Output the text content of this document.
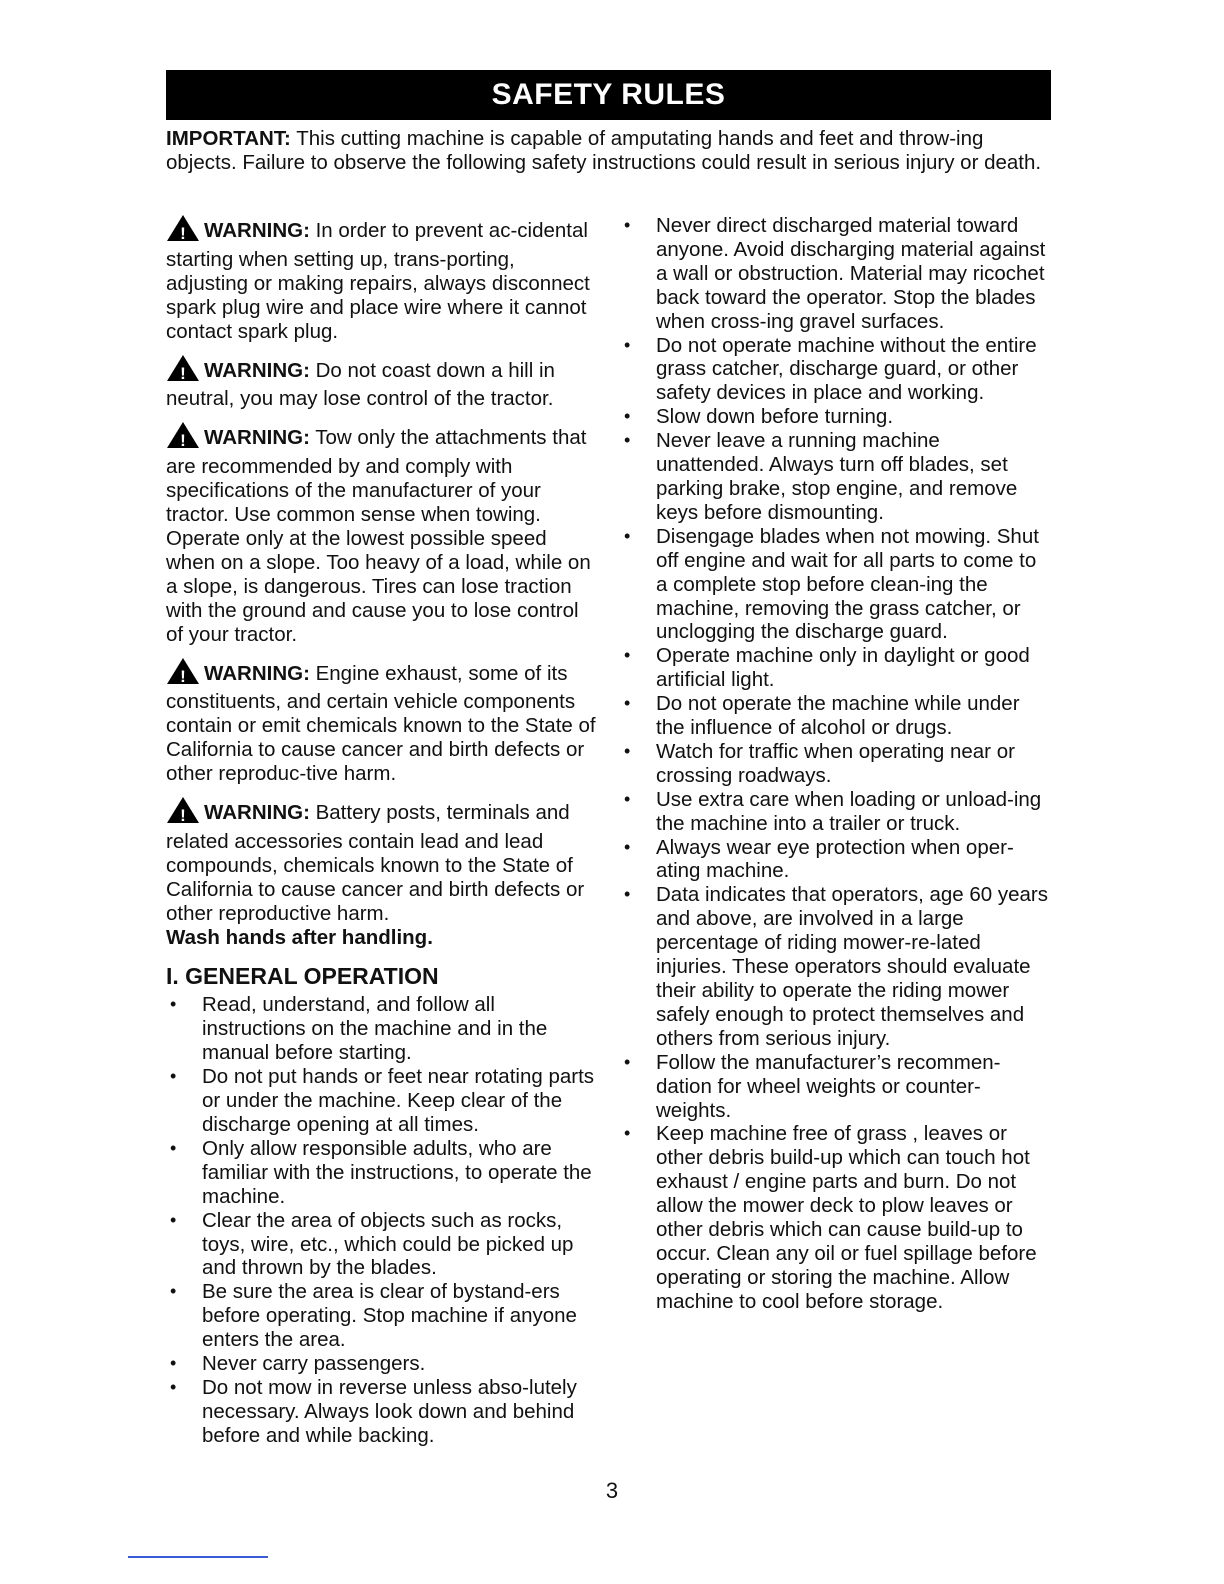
SAFETY RULES

IMPORTANT: This cutting machine is capable of amputating hands and feet and throw-ing objects. Failure to observe the following safety instructions could result in serious injury or death.

! WARNING: In order to prevent ac-cidental starting when setting up, trans-porting, adjusting or making repairs, always disconnect spark plug wire and place wire where it cannot contact spark plug.

! WARNING: Do not coast down a hill in neutral, you may lose control of the tractor.

! WARNING: Tow only the attachments that are recommended by and comply with specifications of the manufacturer of your tractor. Use common sense when towing. Operate only at the lowest possible speed when on a slope. Too heavy of a load, while on a slope, is dangerous. Tires can lose traction with the ground and cause you to lose control of your tractor.

! WARNING: Engine exhaust, some of its constituents, and certain vehicle components contain or emit chemicals known to the State of California to cause cancer and birth defects or other reproduc-tive harm.

! WARNING: Battery posts, terminals and related accessories contain lead and lead compounds, chemicals known to the State of California to cause cancer and birth defects or other reproductive harm.
Wash hands after handling.

I. GENERAL OPERATION
• Read, understand, and follow all instructions on the machine and in the manual before starting.
• Do not put hands or feet near rotating parts or under the machine. Keep clear of the discharge opening at all times.
• Only allow responsible adults, who are familiar with the instructions, to operate the machine.
• Clear the area of objects such as rocks, toys, wire, etc., which could be picked up and thrown by the blades.
• Be sure the area is clear of bystand-ers before operating. Stop machine if anyone enters the area.
• Never carry passengers.
• Do not mow in reverse unless abso-lutely necessary. Always look down and behind before and while backing.
• Never direct discharged material toward anyone. Avoid discharging material against a wall or obstruction. Material may ricochet back toward the operator. Stop the blades when cross-ing gravel surfaces.
• Do not operate machine without the entire grass catcher, discharge guard, or other safety devices in place and working.
• Slow down before turning.
• Never leave a running machine unattended. Always turn off blades, set parking brake, stop engine, and remove keys before dismounting.
• Disengage blades when not mowing. Shut off engine and wait for all parts to come to a complete stop before clean-ing the machine, removing the grass catcher, or unclogging the discharge guard.
• Operate machine only in daylight or good artificial light.
• Do not operate the machine while under the influence of alcohol or drugs.
• Watch for traffic when operating near or crossing roadways.
• Use extra care when loading or unload-ing the machine into a trailer or truck.
• Always wear eye protection when oper-ating machine.
• Data indicates that operators, age 60 years and above, are involved in a large percentage of riding mower-re-lated injuries. These operators should evaluate their ability to operate the riding mower safely enough to protect themselves and others from serious injury.
• Follow the manufacturer’s recommen-dation for wheel weights or counter-weights.
• Keep machine free of grass , leaves or other debris build-up which can touch hot exhaust / engine parts and burn. Do not allow the mower deck to plow leaves or other debris which can cause build-up to occur. Clean any oil or fuel spillage before operating or storing the machine. Allow machine to cool before storage.
3
